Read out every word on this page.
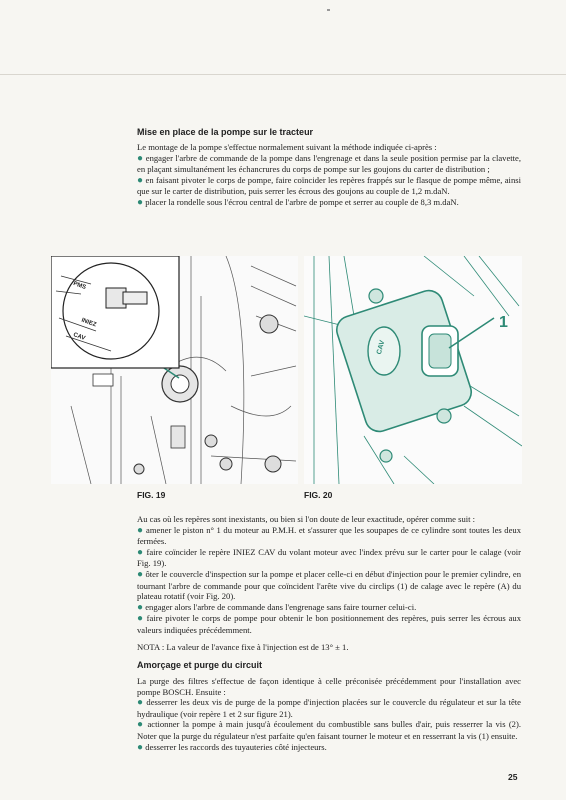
Mise en place de la pompe sur le tracteur
Le montage de la pompe s'effectue normalement suivant la méthode indiquée ci-après :
● engager l'arbre de commande de la pompe dans l'engrenage et dans la seule position permise par la clavette, en plaçant simultanément les échancrures du corps de pompe sur les goujons du carter de distribution ;
● en faisant pivoter le corps de pompe, faire coïncider les repères frappés sur le flasque de pompe même, ainsi que sur le carter de distribution, puis serrer les écrous des goujons au couple de 1,2 m.daN.
● placer la rondelle sous l'écrou central de l'arbre de pompe et serrer au couple de 8,3 m.daN.
PMS
INIEZ
CAV
1
CAV
FIG. 19	FIG. 20
Au cas où les repères sont inexistants, ou bien si l'on doute de leur exactitude, opérer comme suit :
● amener le piston n° 1 du moteur au P.M.H. et s'assurer que les soupapes de ce cylindre sont toutes les deux fermées.
● faire coïncider le repère INIEZ CAV du volant moteur avec l'index prévu sur le carter pour le calage (voir Fig. 19).
● ôter le couvercle d'inspection sur la pompe et placer celle-ci en début d'injection pour le premier cylindre, en tournant l'arbre de commande pour que coïncident l'arête vive du circlips (1) de calage avec le repère (A) du plateau rotatif (voir Fig. 20).
● engager alors l'arbre de commande dans l'engrenage sans faire tourner celui-ci.
● faire pivoter le corps de pompe pour obtenir le bon positionnement des repères, puis serrer les écrous aux valeurs indiquées précédemment.
NOTA : La valeur de l'avance fixe à l'injection est de 13° ± 1.
Amorçage et purge du circuit
La purge des filtres s'effectue de façon identique à celle préconisée précédemment pour l'installation avec pompe BOSCH. Ensuite :
● desserrer les deux vis de purge de la pompe d'injection placées sur le couvercle du régulateur et sur la tête hydraulique (voir repère 1 et 2 sur figure 21).
● actionner la pompe à main jusqu'à écoulement du combustible sans bulles d'air, puis resserrer la vis (2). Noter que la purge du régulateur n'est parfaite qu'en faisant tourner le moteur et en resserrant la vis (1) ensuite.
● desserrer les raccords des tuyauteries côté injecteurs.
25
